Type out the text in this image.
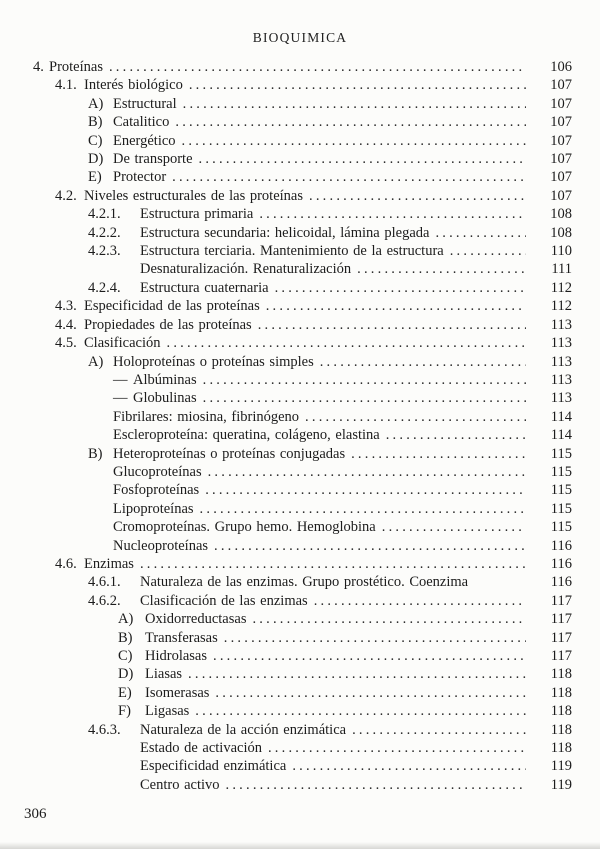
BIOQUIMICA
4. Proteínas .....	106
4.1. Interés biológico .....	107
A) Estructural .....	107
B) Catalitico .....	107
C) Energético .....	107
D) De transporte .....	107
E) Protector .....	107
4.2. Niveles estructurales de las proteínas .....	107
4.2.1.	Estructura primaria .....	108
4.2.2.	Estructura secundaria: helicoidal, lámina plegada .....	108
4.2.3.	Estructura terciaria. Mantenimiento de la estructura .....	110
Desnaturalización. Renaturalización .....	111
4.2.4.	Estructura cuaternaria .....	112
4.3. Especificidad de las proteínas .....	112
4.4. Propiedades de las proteínas .....	113
4.5. Clasificación .....	113
A) Holoproteínas o proteínas simples .....	113
— Albúminas .....	113
— Globulinas .....	113
Fibrilares: miosina, fibrinógeno .....	114
Escleroproteína: queratina, colágeno, elastina .....	114
B) Heteroproteínas o proteínas conjugadas .....	115
Glucoproteínas .....	115
Fosfoproteínas .....	115
Lipoproteínas .....	115
Cromoproteínas. Grupo hemo. Hemoglobina .....	115
Nucleoproteínas .....	116
4.6. Enzimas .....	116
4.6.1.	Naturaleza de las enzimas. Grupo prostético. Coenzima	116
4.6.2.	Clasificación de las enzimas .....	117
A) Oxidorreductasas .....	117
B) Transferasas .....	117
C) Hidrolasas .....	117
D) Liasas .....	118
E) Isomerasas .....	118
F) Ligasas .....	118
4.6.3.	Naturaleza de la acción enzimática .....	118
Estado de activación .....	118
Especificidad enzimática .....	119
Centro activo .....	119
306
